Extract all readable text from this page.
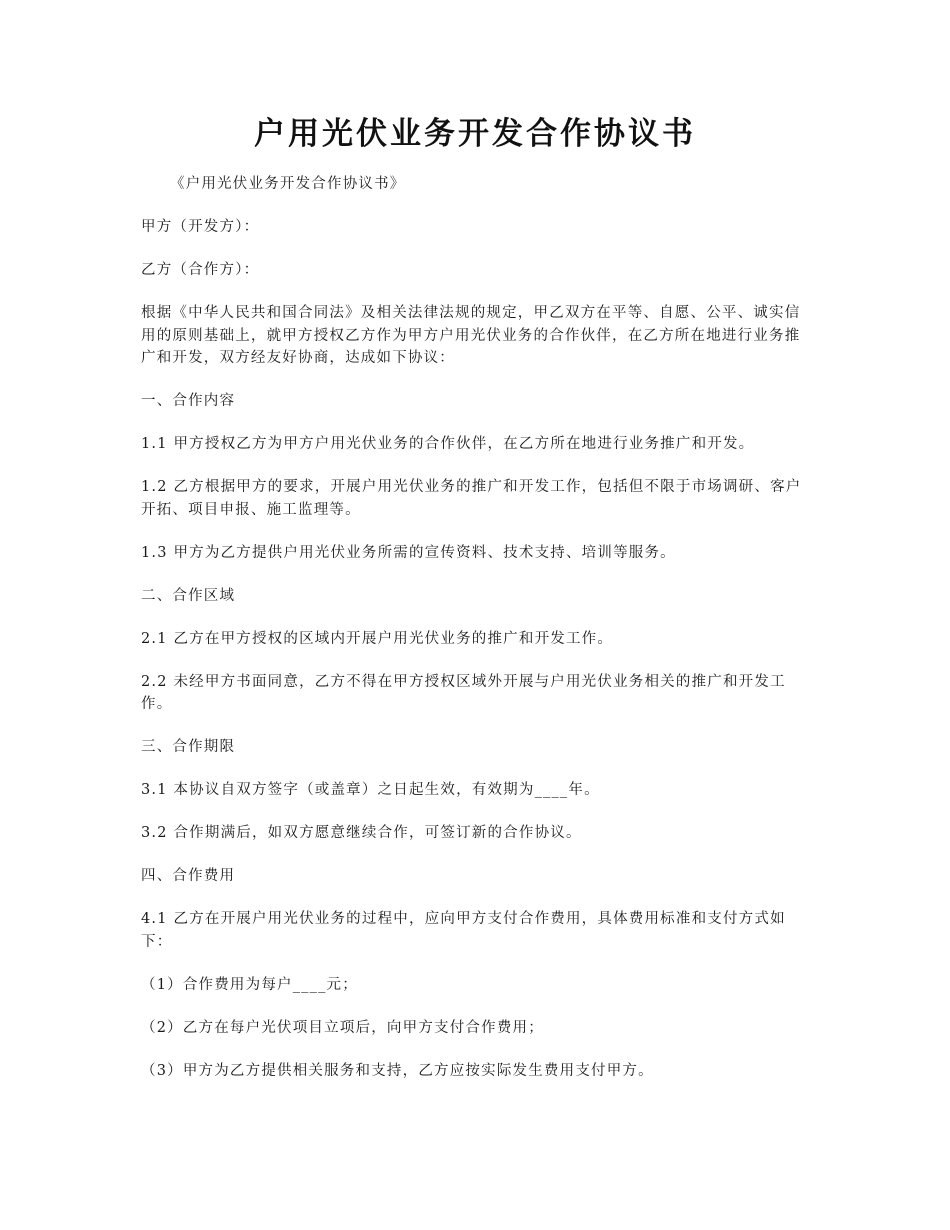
户用光伏业务开发合作协议书

《户用光伏业务开发合作协议书》

甲方（开发方）：

乙方（合作方）：

根据《中华人民共和国合同法》及相关法律法规的规定，甲乙双方在平等、自愿、公平、诚实信用的原则基础上，就甲方授权乙方作为甲方户用光伏业务的合作伙伴，在乙方所在地进行业务推广和开发，双方经友好协商，达成如下协议：

一、合作内容

1.1 甲方授权乙方为甲方户用光伏业务的合作伙伴，在乙方所在地进行业务推广和开发。

1.2 乙方根据甲方的要求，开展户用光伏业务的推广和开发工作，包括但不限于市场调研、客户开拓、项目申报、施工监理等。

1.3 甲方为乙方提供户用光伏业务所需的宣传资料、技术支持、培训等服务。

二、合作区域

2.1 乙方在甲方授权的区域内开展户用光伏业务的推广和开发工作。

2.2 未经甲方书面同意，乙方不得在甲方授权区域外开展与户用光伏业务相关的推广和开发工作。

三、合作期限

3.1 本协议自双方签字（或盖章）之日起生效，有效期为____年。

3.2 合作期满后，如双方愿意继续合作，可签订新的合作协议。

四、合作费用

4.1 乙方在开展户用光伏业务的过程中，应向甲方支付合作费用，具体费用标准和支付方式如下：

（1）合作费用为每户____元；

（2）乙方在每户光伏项目立项后，向甲方支付合作费用；

（3）甲方为乙方提供相关服务和支持，乙方应按实际发生费用支付甲方。
